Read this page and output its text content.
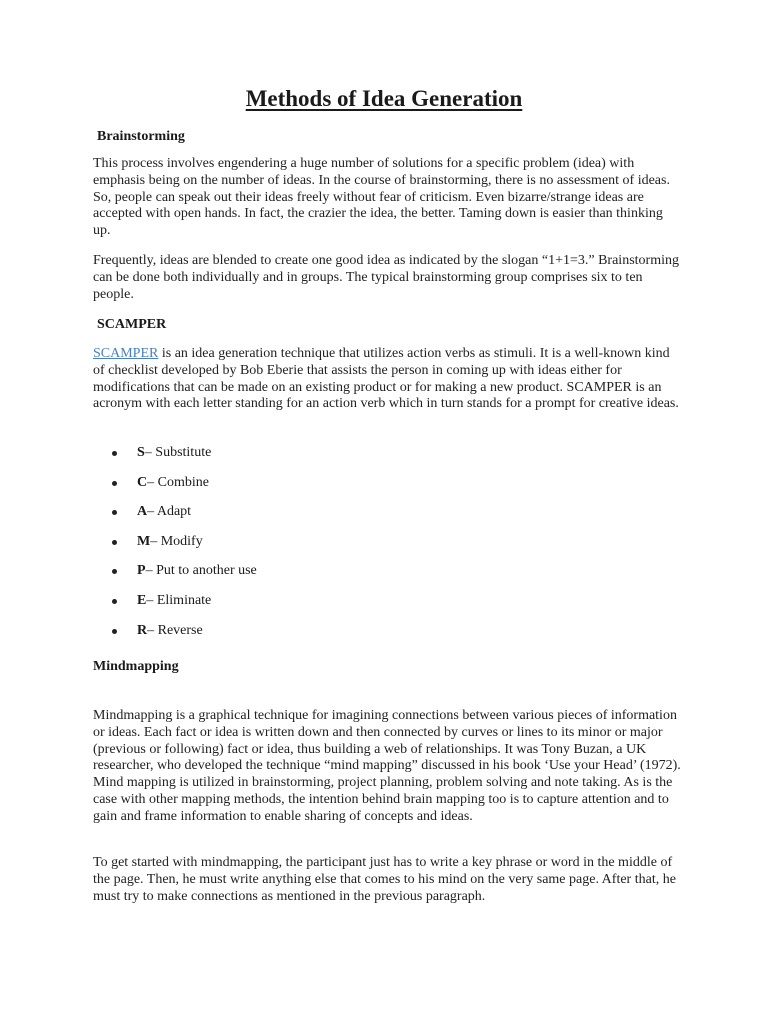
Methods of Idea Generation
Brainstorming

This process involves engendering a huge number of solutions for a specific problem (idea) with emphasis being on the number of ideas. In the course of brainstorming, there is no assessment of ideas. So, people can speak out their ideas freely without fear of criticism. Even bizarre/strange ideas are accepted with open hands. In fact, the crazier the idea, the better. Taming down is easier than thinking up.

Frequently, ideas are blended to create one good idea as indicated by the slogan “1+1=3.” Brainstorming can be done both individually and in groups. The typical brainstorming group comprises six to ten people.

SCAMPER

SCAMPER is an idea generation technique that utilizes action verbs as stimuli. It is a well-known kind of checklist developed by Bob Eberie that assists the person in coming up with ideas either for modifications that can be made on an existing product or for making a new product. SCAMPER is an acronym with each letter standing for an action verb which in turn stands for a prompt for creative ideas.

S – Substitute
C – Combine
A – Adapt
M – Modify
P – Put to another use
E – Eliminate
R – Reverse
Mindmapping

Mindmapping is a graphical technique for imagining connections between various pieces of information or ideas. Each fact or idea is written down and then connected by curves or lines to its minor or major (previous or following) fact or idea, thus building a web of relationships. It was Tony Buzan, a UK researcher, who developed the technique “mind mapping” discussed in his book ‘Use your Head’ (1972). Mind mapping is utilized in brainstorming, project planning, problem solving and note taking. As is the case with other mapping methods, the intention behind brain mapping too is to capture attention and to gain and frame information to enable sharing of concepts and ideas.

To get started with mindmapping, the participant just has to write a key phrase or word in the middle of the page. Then, he must write anything else that comes to his mind on the very same page. After that, he must try to make connections as mentioned in the previous paragraph.
